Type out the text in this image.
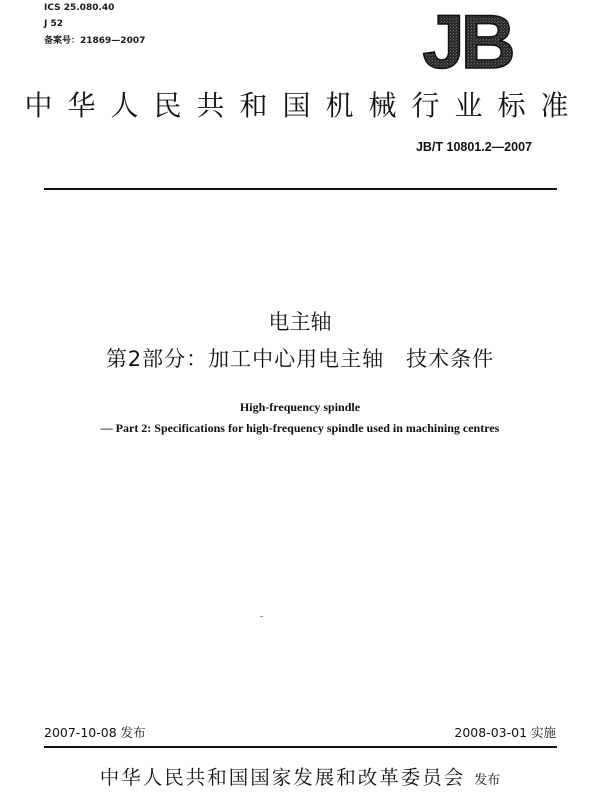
ICS 25.080.40
J 52
备案号：21869—2007	JB
中华人民共和国机械行业标准
JB/T 10801.2—2007
电主轴
第2部分：加工中心用电主轴　技术条件
High-frequency spindle
— Part 2: Specifications for high-frequency spindle used in machining centres
2007-10-08 发布	2008-03-01 实施
中华人民共和国国家发展和改革委员会 发布
